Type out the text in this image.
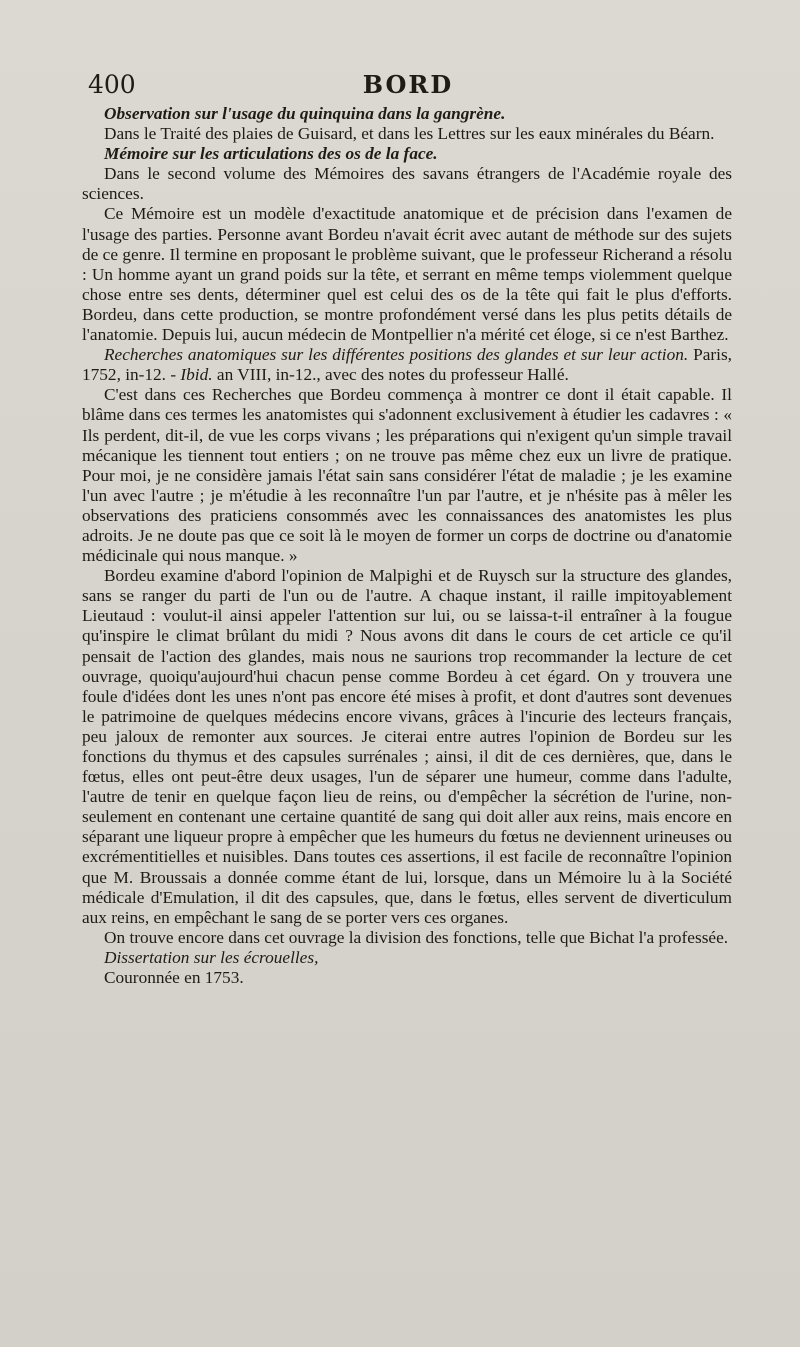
400	BORD

Observation sur l'usage du quinquina dans la gangrène.

Dans le Traité des plaies de Guisard, et dans les Lettres sur les eaux minérales du Béarn.

Mémoire sur les articulations des os de la face.

Dans le second volume des Mémoires des savans étrangers de l'Académie royale des sciences.

Ce Mémoire est un modèle d'exactitude anatomique et de précision dans l'examen de l'usage des parties. Personne avant Bordeu n'avait écrit avec autant de méthode sur des sujets de ce genre. Il termine en proposant le problème suivant, que le professeur Richerand a résolu : Un homme ayant un grand poids sur la tête, et serrant en même temps violemment quelque chose entre ses dents, déterminer quel est celui des os de la tête qui fait le plus d'efforts. Bordeu, dans cette production, se montre profondément versé dans les plus petits détails de l'anatomie. Depuis lui, aucun médecin de Montpellier n'a mérité cet éloge, si ce n'est Barthez.

Recherches anatomiques sur les différentes positions des glandes et sur leur action. Paris, 1752, in-12. - Ibid. an VIII, in-12., avec des notes du professeur Hallé.

C'est dans ces Recherches que Bordeu commença à montrer ce dont il était capable. Il blâme dans ces termes les anatomistes qui s'adonnent exclusivement à étudier les cadavres : « Ils perdent, dit-il, de vue les corps vivans ; les préparations qui n'exigent qu'un simple travail mécanique les tiennent tout entiers ; on ne trouve pas même chez eux un livre de pratique. Pour moi, je ne considère jamais l'état sain sans considérer l'état de maladie ; je les examine l'un avec l'autre ; je m'étudie à les reconnaître l'un par l'autre, et je n'hésite pas à mêler les observations des praticiens consommés avec les connaissances des anatomistes les plus adroits. Je ne doute pas que ce soit là le moyen de former un corps de doctrine ou d'anatomie médicinale qui nous manque. »

Bordeu examine d'abord l'opinion de Malpighi et de Ruysch sur la structure des glandes, sans se ranger du parti de l'un ou de l'autre. A chaque instant, il raille impitoyablement Lieutaud : voulut-il ainsi appeler l'attention sur lui, ou se laissa-t-il entraîner à la fougue qu'inspire le climat brûlant du midi ? Nous avons dit dans le cours de cet article ce qu'il pensait de l'action des glandes, mais nous ne saurions trop recommander la lecture de cet ouvrage, quoiqu'aujourd'hui chacun pense comme Bordeu à cet égard. On y trouvera une foule d'idées dont les unes n'ont pas encore été mises à profit, et dont d'autres sont devenues le patrimoine de quelques médecins encore vivans, grâces à l'incurie des lecteurs français, peu jaloux de remonter aux sources. Je citerai entre autres l'opinion de Bordeu sur les fonctions du thymus et des capsules surrénales ; ainsi, il dit de ces dernières, que, dans le fœtus, elles ont peut-être deux usages, l'un de séparer une humeur, comme dans l'adulte, l'autre de tenir en quelque façon lieu de reins, ou d'empêcher la sécrétion de l'urine, non-seulement en contenant une certaine quantité de sang qui doit aller aux reins, mais encore en séparant une liqueur propre à empêcher que les humeurs du fœtus ne deviennent urineuses ou excrémentitielles et nuisibles. Dans toutes ces assertions, il est facile de reconnaître l'opinion que M. Broussais a donnée comme étant de lui, lorsque, dans un Mémoire lu à la Société médicale d'Emulation, il dit des capsules, que, dans le fœtus, elles servent de diverticulum aux reins, en empêchant le sang de se porter vers ces organes.

On trouve encore dans cet ouvrage la division des fonctions, telle que Bichat l'a professée.

Dissertation sur les écrouelles,

Couronnée en 1753.
